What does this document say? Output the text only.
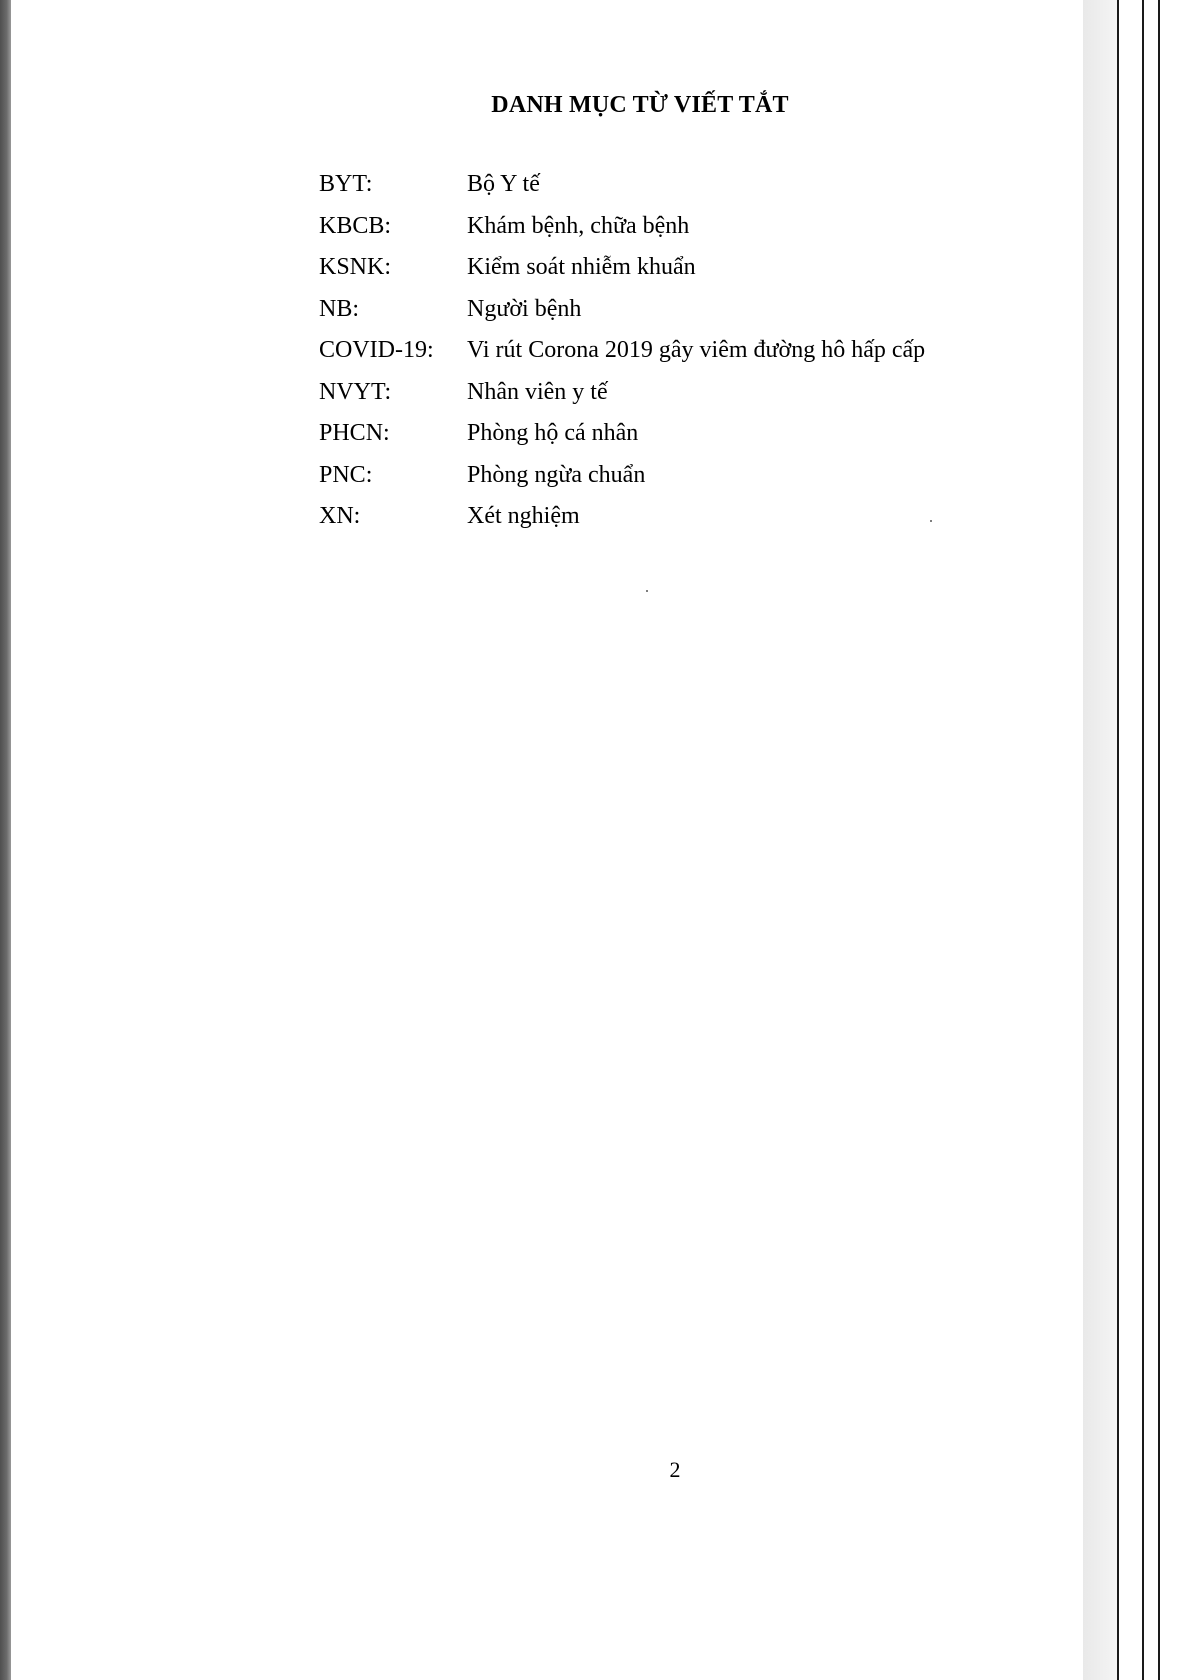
DANH MỤC TỪ VIẾT TẮT
BYT:	Bộ Y tế
KBCB:	Khám bệnh, chữa bệnh
KSNK:	Kiểm soát nhiễm khuẩn
NB:	Người bệnh
COVID-19:	Vi rút Corona 2019 gây viêm đường hô hấp cấp
NVYT:	Nhân viên y tế
PHCN:	Phòng hộ cá nhân
PNC:	Phòng ngừa chuẩn
XN:	Xét nghiệm
2
